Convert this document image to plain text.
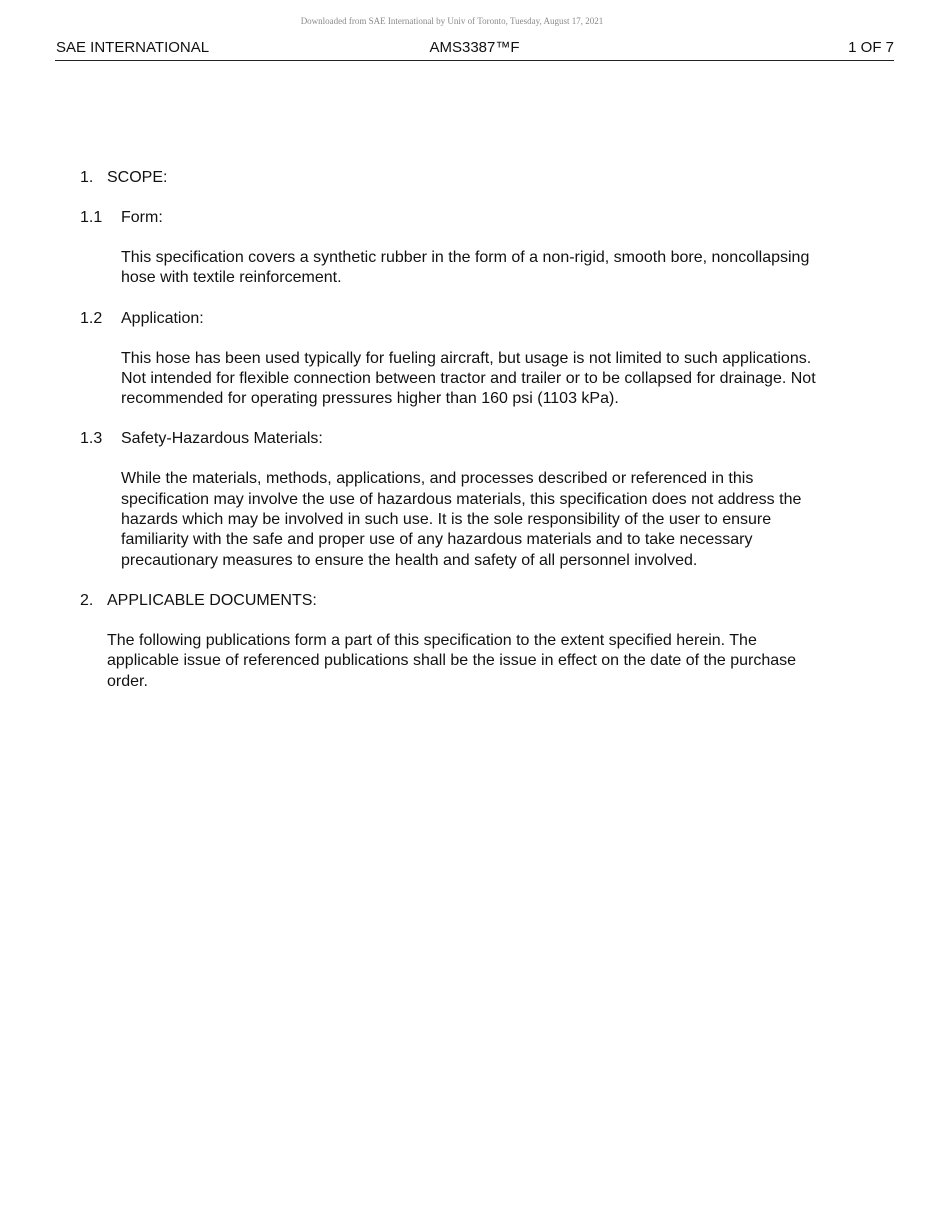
Downloaded from SAE International by Univ of Toronto, Tuesday, August 17, 2021
SAE INTERNATIONAL	AMS3387™F	1 OF 7
1. SCOPE:
1.1 Form:
This specification covers a synthetic rubber in the form of a non-rigid, smooth bore, noncollapsing
hose with textile reinforcement.
1.2 Application:
This hose has been used typically for fueling aircraft, but usage is not limited to such applications.
Not intended for flexible connection between tractor and trailer or to be collapsed for drainage. Not
recommended for operating pressures higher than 160 psi (1103 kPa).
1.3 Safety-Hazardous Materials:
While the materials, methods, applications, and processes described or referenced in this
specification may involve the use of hazardous materials, this specification does not address the
hazards which may be involved in such use. It is the sole responsibility of the user to ensure
familiarity with the safe and proper use of any hazardous materials and to take necessary
precautionary measures to ensure the health and safety of all personnel involved.
2. APPLICABLE DOCUMENTS:
The following publications form a part of this specification to the extent specified herein. The
applicable issue of referenced publications shall be the issue in effect on the date of the purchase
order.
